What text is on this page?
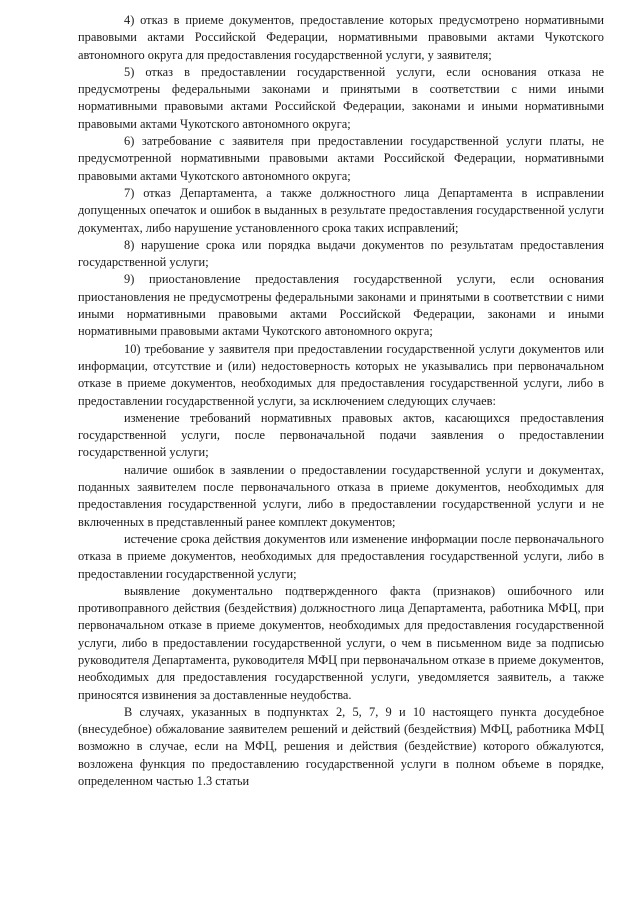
4) отказ в приеме документов, предоставление которых предусмотрено нормативными правовыми актами Российской Федерации, нормативными правовыми актами Чукотского автономного округа для предоставления государственной услуги, у заявителя;

5) отказ в предоставлении государственной услуги, если основания отказа не предусмотрены федеральными законами и принятыми в соответствии с ними иными нормативными правовыми актами Российской Федерации, законами и иными нормативными правовыми актами Чукотского автономного округа;

6) затребование с заявителя при предоставлении государственной услуги платы, не предусмотренной нормативными правовыми актами Российской Федерации, нормативными правовыми актами Чукотского автономного округа;

7) отказ Департамента, а также должностного лица Департамента в исправлении допущенных опечаток и ошибок в выданных в результате предоставления государственной услуги документах, либо нарушение установленного срока таких исправлений;

8) нарушение срока или порядка выдачи документов по результатам предоставления государственной услуги;

9) приостановление предоставления государственной услуги, если основания приостановления не предусмотрены федеральными законами и принятыми в соответствии с ними иными нормативными правовыми актами Российской Федерации, законами и иными нормативными правовыми актами Чукотского автономного округа;

10) требование у заявителя при предоставлении государственной услуги документов или информации, отсутствие и (или) недостоверность которых не указывались при первоначальном отказе в приеме документов, необходимых для предоставления государственной услуги, либо в предоставлении государственной услуги, за исключением следующих случаев:

изменение требований нормативных правовых актов, касающихся предоставления государственной услуги, после первоначальной подачи заявления о предоставлении государственной услуги;

наличие ошибок в заявлении о предоставлении государственной услуги и документах, поданных заявителем после первоначального отказа в приеме документов, необходимых для предоставления государственной услуги, либо в предоставлении государственной услуги и не включенных в представленный ранее комплект документов;

истечение срока действия документов или изменение информации после первоначального отказа в приеме документов, необходимых для предоставления государственной услуги, либо в предоставлении государственной услуги;

выявление документально подтвержденного факта (признаков) ошибочного или противоправного действия (бездействия) должностного лица Департамента, работника МФЦ, при первоначальном отказе в приеме документов, необходимых для предоставления государственной услуги, либо в предоставлении государственной услуги, о чем в письменном виде за подписью руководителя Департамента, руководителя МФЦ при первоначальном отказе в приеме документов, необходимых для предоставления государственной услуги, уведомляется заявитель, а также приносятся извинения за доставленные неудобства.

В случаях, указанных в подпунктах 2, 5, 7, 9 и 10 настоящего пункта досудебное (внесудебное) обжалование заявителем решений и действий (бездействия) МФЦ, работника МФЦ возможно в случае, если на МФЦ, решения и действия (бездействие) которого обжалуются, возложена функция по предоставлению государственной услуги в полном объеме в порядке, определенном частью 1.3 статьи
